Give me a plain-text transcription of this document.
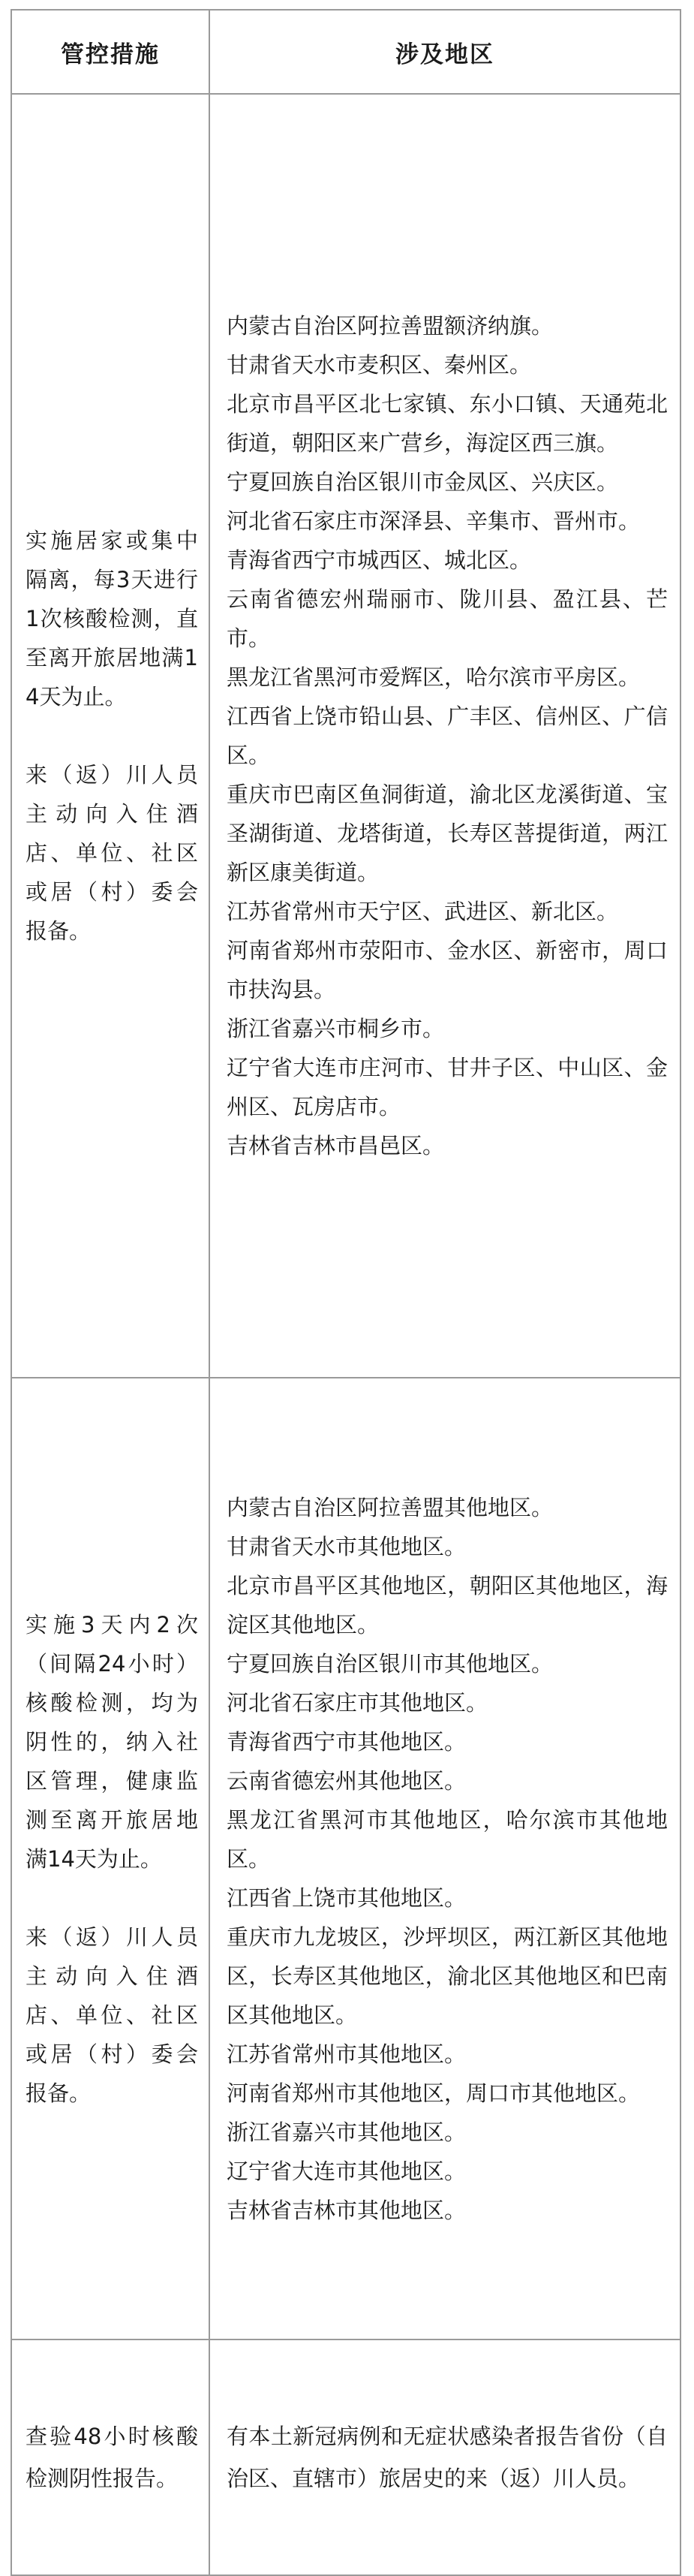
管控措施	涉及地区

实施居家或集中隔离，每3天进行1次核酸检测，直至离开旅居地满14天为止。

来（返）川人员主动向入住酒店、单位、社区或居（村）委会报备。

内蒙古自治区阿拉善盟额济纳旗。

甘肃省天水市麦积区、秦州区。

北京市昌平区北七家镇、东小口镇、天通苑北街道，朝阳区来广营乡，海淀区西三旗。

宁夏回族自治区银川市金凤区、兴庆区。

河北省石家庄市深泽县、辛集市、晋州市。

青海省西宁市城西区、城北区。

云南省德宏州瑞丽市、陇川县、盈江县、芒市。

黑龙江省黑河市爱辉区，哈尔滨市平房区。

江西省上饶市铅山县、广丰区、信州区、广信区。

重庆市巴南区鱼洞街道，渝北区龙溪街道、宝圣湖街道、龙塔街道，长寿区菩提街道，两江新区康美街道。

江苏省常州市天宁区、武进区、新北区。

河南省郑州市荥阳市、金水区、新密市，周口市扶沟县。

浙江省嘉兴市桐乡市。

辽宁省大连市庄河市、甘井子区、中山区、金州区、瓦房店市。

吉林省吉林市昌邑区。

实施3天内2次（间隔24小时）核酸检测，均为阴性的，纳入社区管理，健康监测至离开旅居地满14天为止。

来（返）川人员主动向入住酒店、单位、社区或居（村）委会报备。

内蒙古自治区阿拉善盟其他地区。

甘肃省天水市其他地区。

北京市昌平区其他地区，朝阳区其他地区，海淀区其他地区。

宁夏回族自治区银川市其他地区。

河北省石家庄市其他地区。

青海省西宁市其他地区。

云南省德宏州其他地区。

黑龙江省黑河市其他地区，哈尔滨市其他地区。

江西省上饶市其他地区。

重庆市九龙坡区，沙坪坝区，两江新区其他地区，长寿区其他地区，渝北区其他地区和巴南区其他地区。

江苏省常州市其他地区。

河南省郑州市其他地区，周口市其他地区。

浙江省嘉兴市其他地区。

辽宁省大连市其他地区。

吉林省吉林市其他地区。

查验48小时核酸检测阴性报告。

有本土新冠病例和无症状感染者报告省份（自治区、直辖市）旅居史的来（返）川人员。
